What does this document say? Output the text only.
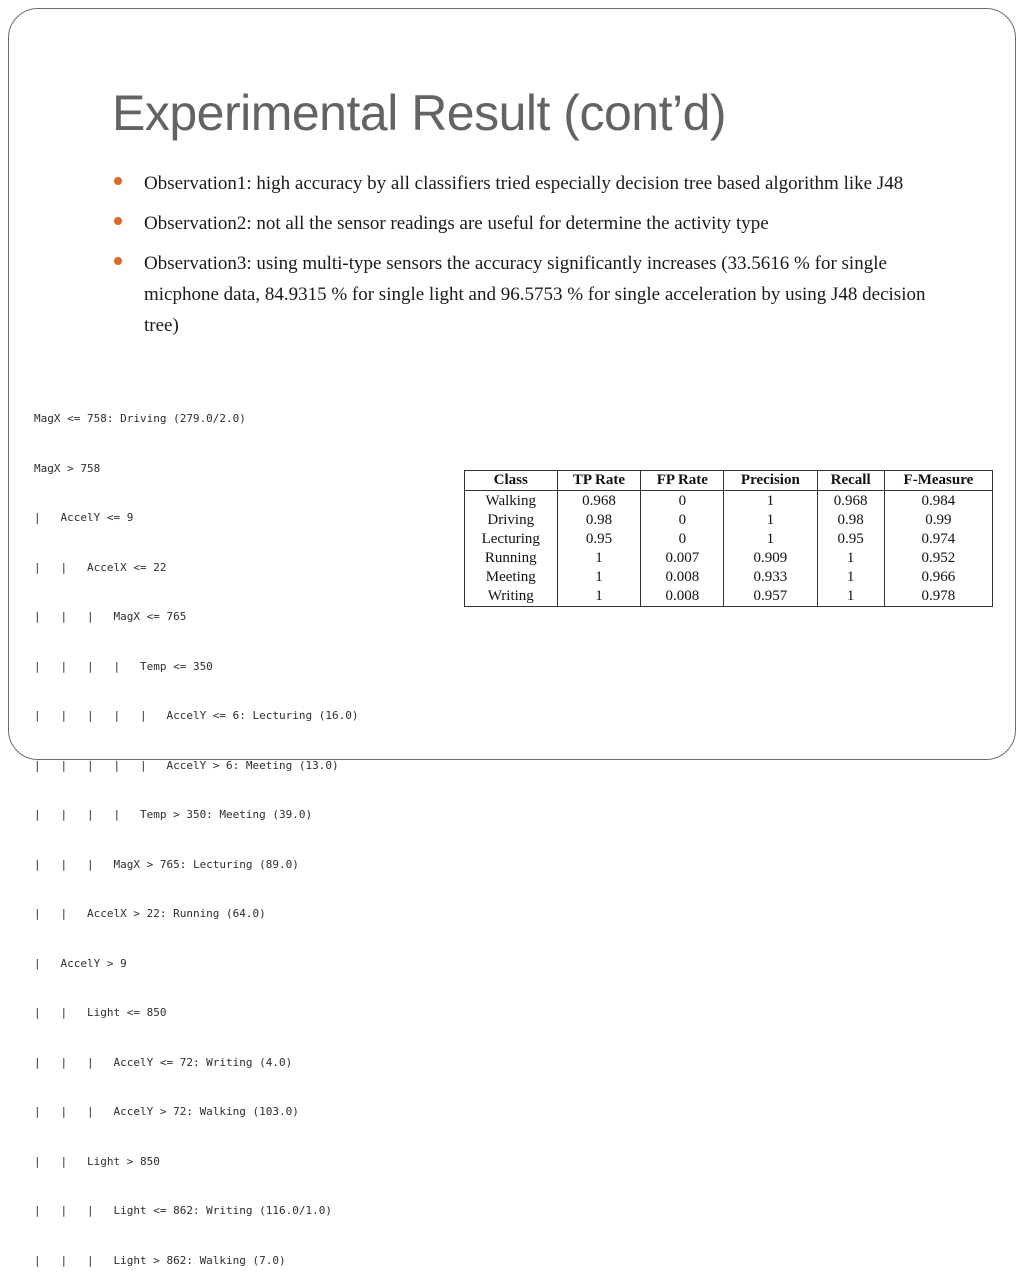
Experimental Result (cont’d)
Observation1: high accuracy by all classifiers tried especially decision tree based algorithm like J48
Observation2: not all the sensor readings are useful for determine the activity type
Observation3: using multi-type sensors the accuracy significantly increases (33.5616 % for single micphone data, 84.9315 % for single light and 96.5753 % for single acceleration by using J48 decision tree)

MagX <= 758: Driving (279.0/2.0)

MagX > 758

|   AccelY <= 9

|   |   AccelX <= 22

|   |   |   MagX <= 765

|   |   |   |   Temp <= 350

|   |   |   |   |   AccelY <= 6: Lecturing (16.0)

|   |   |   |   |   AccelY > 6: Meeting (13.0)

|   |   |   |   Temp > 350: Meeting (39.0)

|   |   |   MagX > 765: Lecturing (89.0)

|   |   AccelX > 22: Running (64.0)

|   AccelY > 9

|   |   Light <= 850

|   |   |   AccelY <= 72: Writing (4.0)

|   |   |   AccelY > 72: Walking (103.0)

|   |   Light > 850

|   |   |   Light <= 862: Writing (116.0/1.0)

|   |   |   Light > 862: Walking (7.0)

Class	TP Rate	FP Rate	Precision	Recall	F-Measure
Walking	0.968	0	1	0.968	0.984
Driving	0.98	0	1	0.98	0.99
Lecturing	0.95	0	1	0.95	0.974
Running	1	0.007	0.909	1	0.952
Meeting	1	0.008	0.933	1	0.966
Writing	1	0.008	0.957	1	0.978
